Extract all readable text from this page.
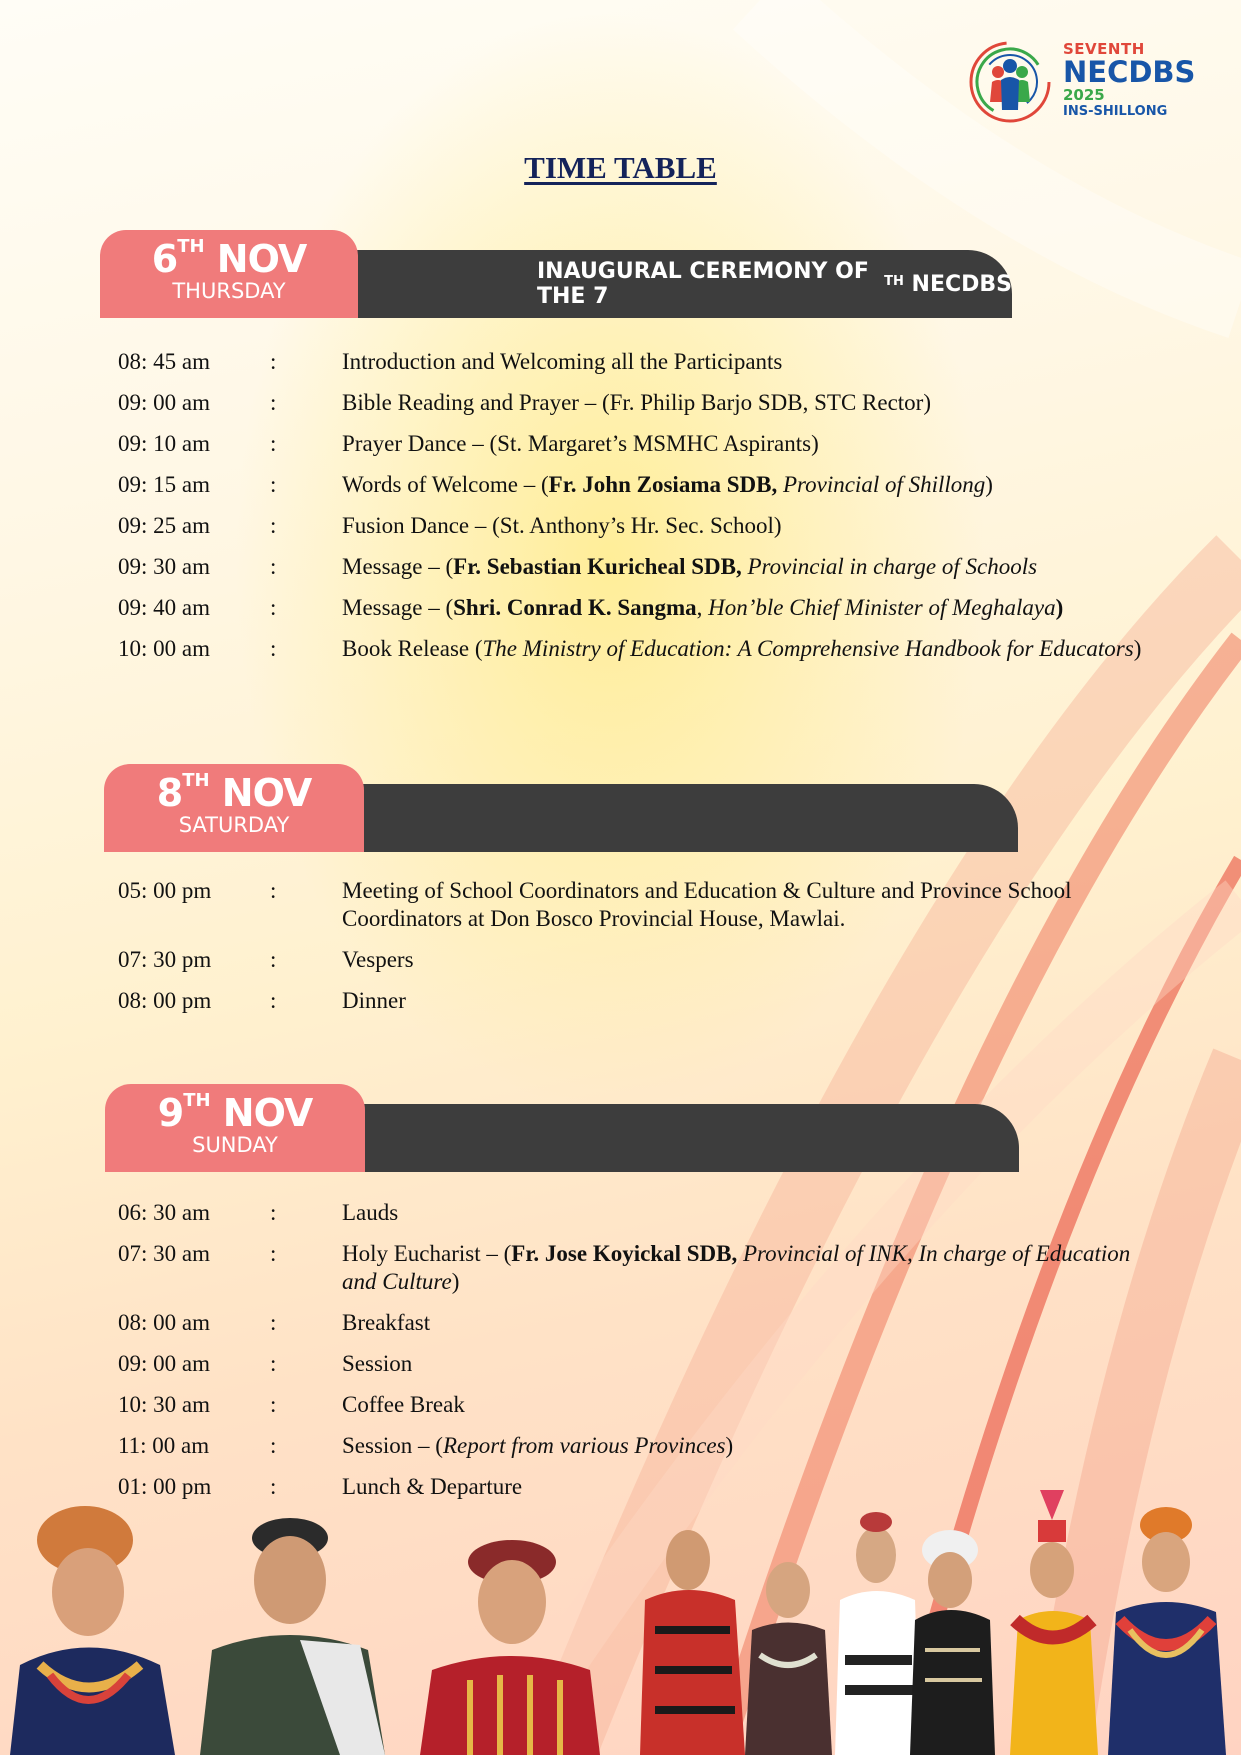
SEVENTH
NECDBS
2025
INS-SHILLONG
TIME TABLE
INAUGURAL CEREMONY OF THE 7
$^{TH}$
NECDBS
6TH NOV
THURSDAY
08: 45 am	:	Introduction and Welcoming all the Participants
09: 00 am	:	Bible Reading and Prayer – (Fr. Philip Barjo SDB, STC Rector)
09: 10 am	:	Prayer Dance – (St. Margaret’s MSMHC Aspirants)
09: 15 am	:	Words of Welcome – (Fr. John Zosiama SDB, Provincial of Shillong)
09: 25 am	:	Fusion Dance – (St. Anthony’s Hr. Sec. School)
09: 30 am	:	Message – (Fr. Sebastian Kuricheal SDB, Provincial in charge of Schools
09: 40 am	:	Message – (Shri. Conrad K. Sangma, Hon’ble Chief Minister of Meghalaya)
10: 00 am	:	Book Release (The Ministry of Education: A Comprehensive Handbook for Educators)
8TH NOV
SATURDAY
05: 00 pm	:	Meeting of School Coordinators and Education & Culture and Province School Coordinators at Don Bosco Provincial House, Mawlai.
07: 30 pm	:	Vespers
08: 00 pm	:	Dinner
9TH NOV
SUNDAY
06: 30 am	:	Lauds
07: 30 am	:	Holy Eucharist – (Fr. Jose Koyickal SDB, Provincial of INK, In charge of Education and Culture)
08: 00 am	:	Breakfast
09: 00 am	:	Session
10: 30 am	:	Coffee Break
11: 00 am	:	Session – (Report from various Provinces)
01: 00 pm	:	Lunch & Departure
